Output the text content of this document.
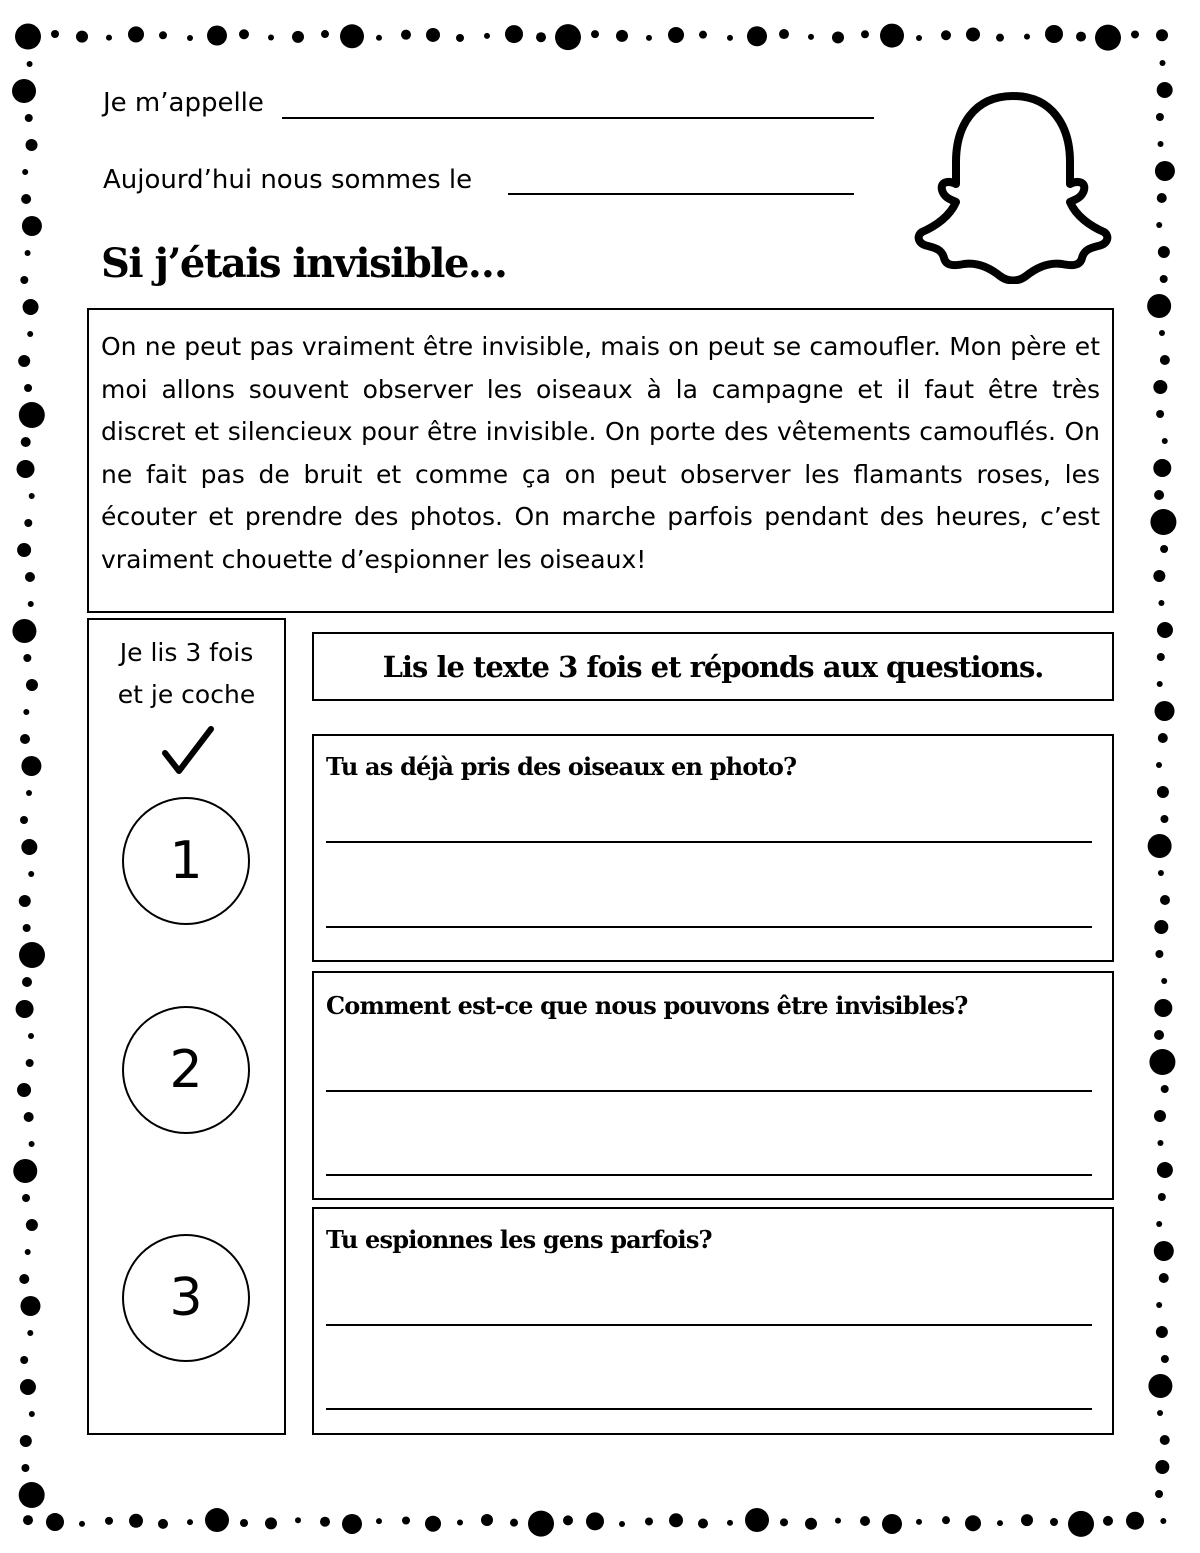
Je m’appelle
Aujourd’hui nous sommes le
Si j’étais invisible…
On ne peut pas vraiment être invisible, mais on peut se camoufler. Mon père et moi allons souvent observer les oiseaux à la campagne et il faut être très discret et silencieux pour être invisible. On porte des vêtements camouflés. On ne fait pas de bruit et comme ça on peut observer les flamants roses, les écouter et prendre des photos. On marche parfois pendant des heures, c’est vraiment chouette d’espionner les oiseaux!
Je lis 3 fois
et je coche
1
2
3
Lis le texte 3 fois et réponds aux questions.
Tu as déjà pris des oiseaux en photo?
Comment est-ce que nous pouvons être invisibles?
Tu espionnes les gens parfois?
